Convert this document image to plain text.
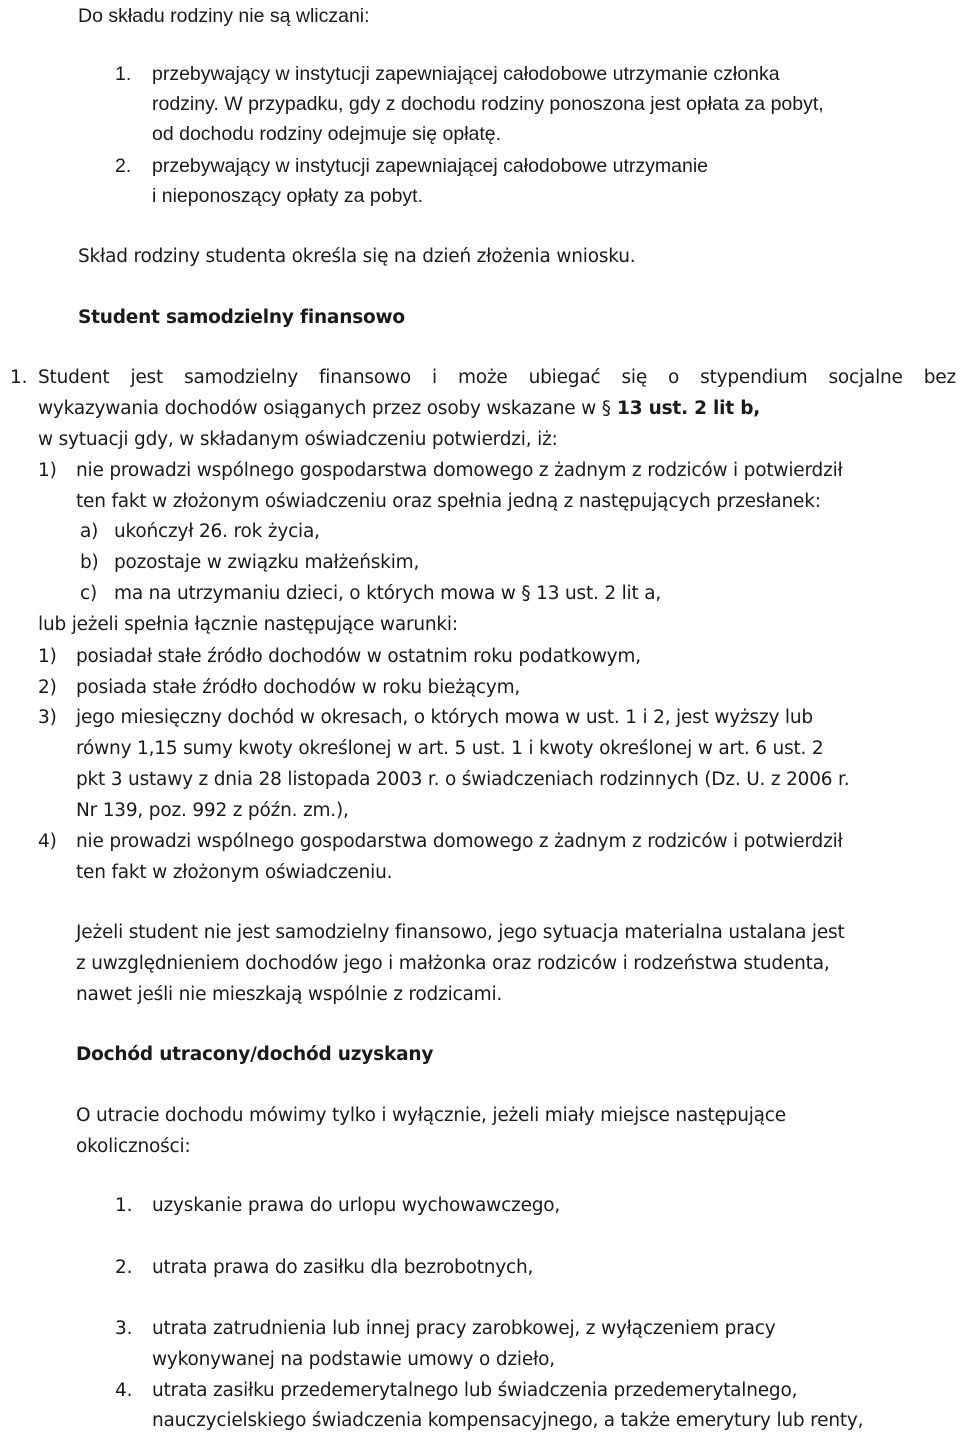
Do składu rodziny nie są wliczani:
1. przebywający w instytucji zapewniającej całodobowe utrzymanie członka
rodziny. W przypadku, gdy z dochodu rodziny ponoszona jest opłata za pobyt,
od dochodu rodziny odejmuje się opłatę.
2. przebywający w instytucji zapewniającej całodobowe utrzymanie
i nieponoszący opłaty za pobyt.
Skład rodziny studenta określa się na dzień złożenia wniosku.
Student samodzielny finansowo
1. Student jest samodzielny finansowo i może ubiegać się o stypendium socjalne bez
wykazywania dochodów osiąganych przez osoby wskazane w § 13 ust. 2 lit b,
w sytuacji gdy, w składanym oświadczeniu potwierdzi, iż:
1) nie prowadzi wspólnego gospodarstwa domowego z żadnym z rodziców i potwierdził
ten fakt w złożonym oświadczeniu oraz spełnia jedną z następujących przesłanek:
a) ukończył 26. rok życia,
b) pozostaje w związku małżeńskim,
c) ma na utrzymaniu dzieci, o których mowa w § 13 ust. 2 lit a,
lub jeżeli spełnia łącznie następujące warunki:
1) posiadał stałe źródło dochodów w ostatnim roku podatkowym,
2) posiada stałe źródło dochodów w roku bieżącym,
3) jego miesięczny dochód w okresach, o których mowa w ust. 1 i 2, jest wyższy lub
równy 1,15 sumy kwoty określonej w art. 5 ust. 1 i kwoty określonej w art. 6 ust. 2
pkt 3 ustawy z dnia 28 listopada 2003 r. o świadczeniach rodzinnych (Dz. U. z 2006 r.
Nr 139, poz. 992 z późn. zm.),
4) nie prowadzi wspólnego gospodarstwa domowego z żadnym z rodziców i potwierdził
ten fakt w złożonym oświadczeniu.
Jeżeli student nie jest samodzielny finansowo, jego sytuacja materialna ustalana jest
z uwzględnieniem dochodów jego i małżonka oraz rodziców i rodzeństwa studenta,
nawet jeśli nie mieszkają wspólnie z rodzicami.
Dochód utracony/dochód uzyskany
O utracie dochodu mówimy tylko i wyłącznie, jeżeli miały miejsce następujące
okoliczności:
1. uzyskanie prawa do urlopu wychowawczego,
2. utrata prawa do zasiłku dla bezrobotnych,
3. utrata zatrudnienia lub innej pracy zarobkowej, z wyłączeniem pracy
wykonywanej na podstawie umowy o dzieło,
4. utrata zasiłku przedemerytalnego lub świadczenia przedemerytalnego,
nauczycielskiego świadczenia kompensacyjnego, a także emerytury lub renty,
